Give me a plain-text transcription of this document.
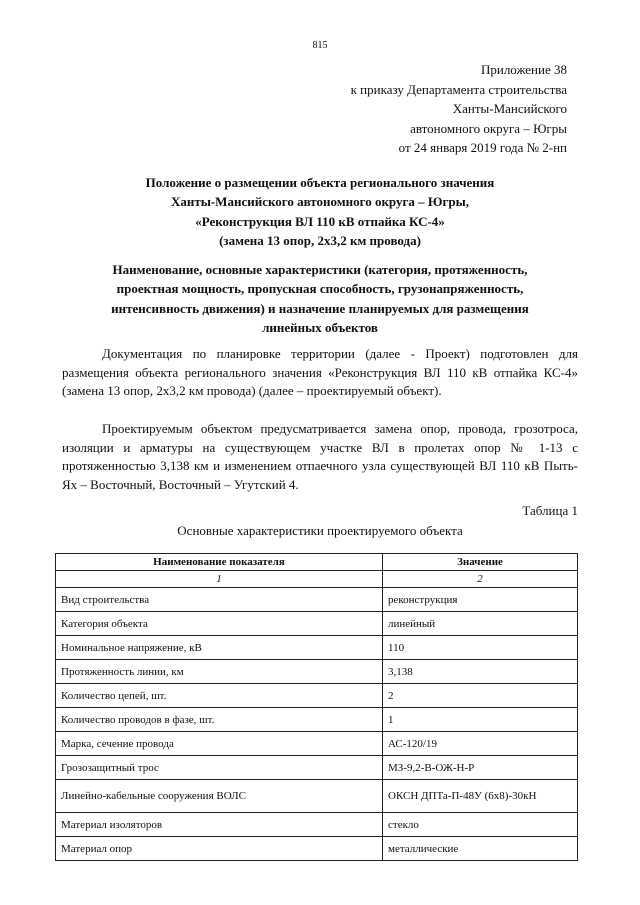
815
Приложение 38
к приказу Департамента строительства
Ханты-Мансийского
автономного округа – Югры
от 24 января 2019 года № 2-нп
Положение о размещении объекта регионального значения
Ханты-Мансийского автономного округа – Югры,
«Реконструкция ВЛ 110 кВ отпайка КС-4»
(замена 13 опор, 2х3,2 км провода)
Наименование, основные характеристики (категория, протяженность,
проектная мощность, пропускная способность, грузонапряженность,
интенсивность движения) и назначение планируемых для размещения
линейных объектов

Документация по планировке территории (далее - Проект) подготовлен для размещения объекта регионального значения «Реконструкция ВЛ 110 кВ отпайка КС-4» (замена 13 опор, 2х3,2 км провода) (далее – проектируемый объект).

Проектируемым объектом предусматривается замена опор, провода, грозотроса, изоляции и арматуры на существующем участке ВЛ в пролетах опор № 1-13 с протяженностью 3,138 км и изменением отпаечного узла существующей ВЛ 110 кВ Пыть-Ях – Восточный, Восточный – Угутский 4.

Таблица 1
Основные характеристики проектируемого объекта
Наименование показателя	Значение
1	2
Вид строительства	реконструкция
Категория объекта	линейный
Номинальное напряжение, кВ	110
Протяженность линии, км	3,138
Количество цепей, шт.	2
Количество проводов в фазе, шт.	1
Марка, сечение провода	АС-120/19
Грозозащитный трос	МЗ-9,2-В-ОЖ-Н-Р
Линейно-кабельные сооружения ВОЛС	ОКСН ДПТа-П-48У (6х8)-30кН
Материал изоляторов	стекло
Материал опор	металлические
